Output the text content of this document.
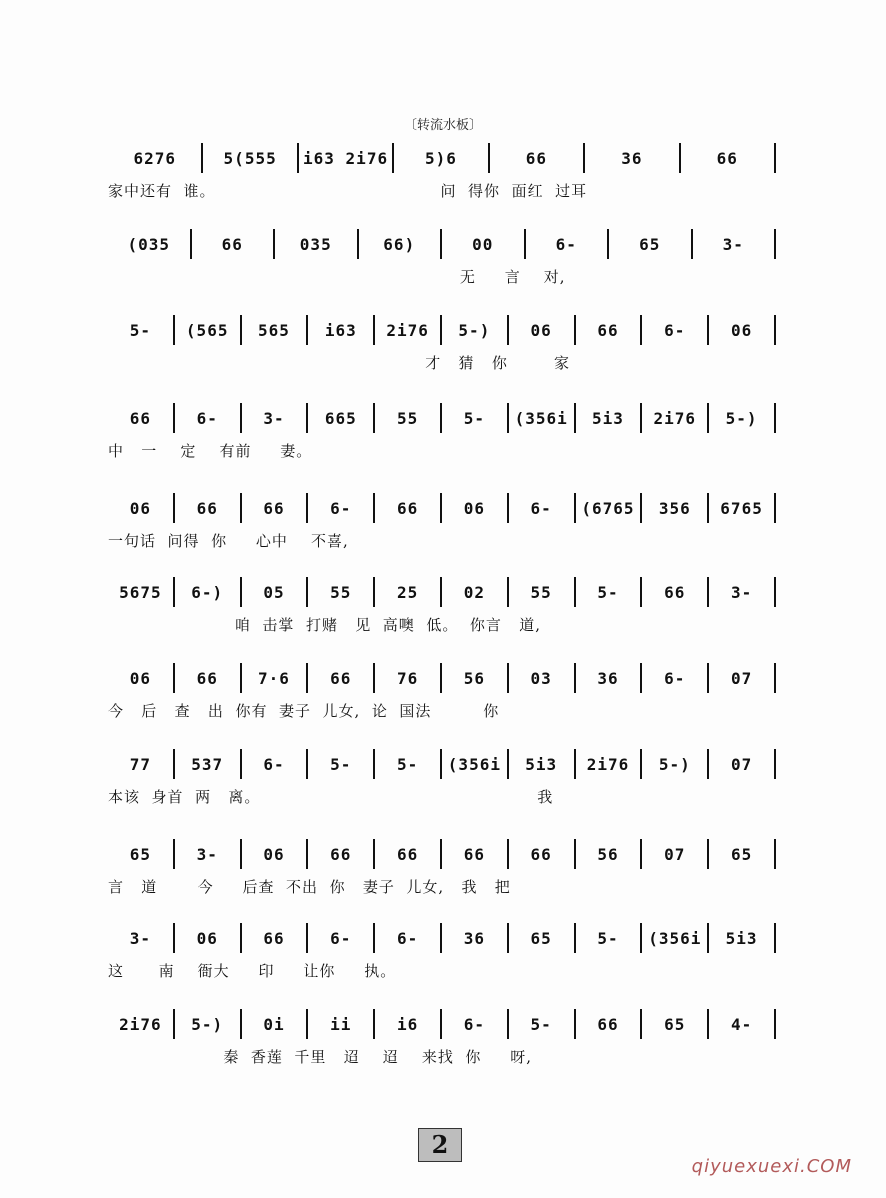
〔转流水板〕
6276	5(555	i63 2i76	5)6	66	36	66
家中还有  谁。                                       问  得你  面红  过耳
(035	66	035	66)	00	6-	65	3-
无     言    对,
5-	(565	565	i63	2i76	5-)	06	66	6-	06
才   猜   你        家
66	6-	3-	665	55	5-	(356i	5i3	2i76	5-)
中   一    定    有前     妻。
06	66	66	6-	66	06	6-	(6765	356	6765
一句话  问得  你     心中    不喜,
5675	6-)	05	55	25	02	55	5-	66	3-
咱  击掌  打赌   见  高噢  低。  你言   道,
06	66	7·6	66	76	56	03	36	6-	07
今   后   查   出  你有  妻子  儿女,  论  国法         你
77	537	6-	5-	5-	(356i	5i3	2i76	5-)	07
本该  身首  两   离。                                                我
65	3-	06	66	66	66	66	56	07	65
言   道       今     后查  不出  你   妻子  儿女,   我   把
3-	06	66	6-	6-	36	65	5-	(356i	5i3
这      南    衙大     印     让你     执。
2i76	5-)	0i	ii	i6	6-	5-	66	65	4-
秦  香莲  千里   迢    迢    来找  你     呀,
2
qiyuexuexi.COM
